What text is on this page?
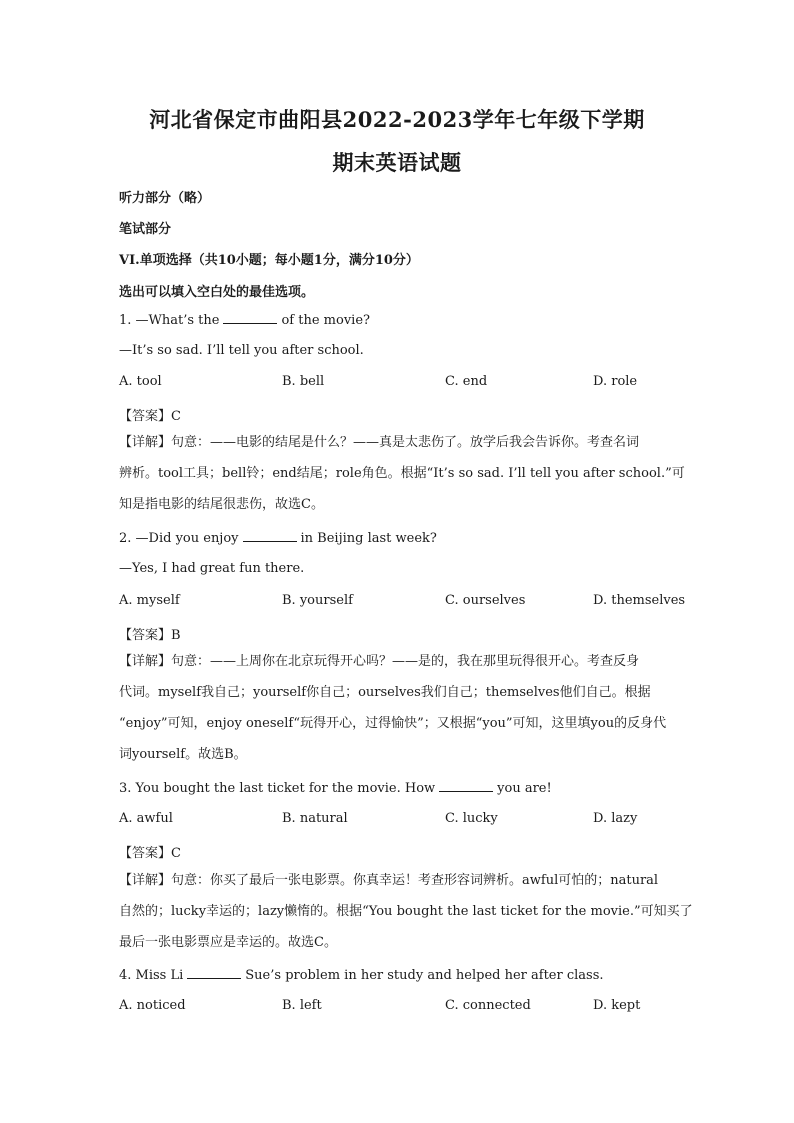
河北省保定市曲阳县2022-2023学年七年级下学期
期末英语试题
听力部分（略）
笔试部分
VI.单项选择（共10小题；每小题1分，满分10分）
选出可以填入空白处的最佳选项。
1. —What’s the	of the movie?
—It’s so sad. I’ll tell you after school.
A. tool	B. bell	C. end	D. role
【答案】C
【详解】句意：——电影的结尾是什么？——真是太悲伤了。放学后我会告诉你。考查名词
辨析。tool工具；bell铃；end结尾；role角色。根据“It’s so sad. I’ll tell you after school.”可
知是指电影的结尾很悲伤，故选C。
2. —Did you enjoy	in Beijing last week?
—Yes, I had great fun there.
A. myself	B. yourself	C. ourselves	D. themselves
【答案】B
【详解】句意：——上周你在北京玩得开心吗？——是的，我在那里玩得很开心。考查反身
代词。myself我自己；yourself你自己；ourselves我们自己；themselves他们自己。根据
“enjoy”可知，enjoy oneself“玩得开心，过得愉快”；又根据“you”可知，这里填you的反身代
词yourself。故选B。
3. You bought the last ticket for the movie. How	you are!
A. awful	B. natural	C. lucky	D. lazy
【答案】C
【详解】句意：你买了最后一张电影票。你真幸运！考查形容词辨析。awful可怕的；natural
自然的；lucky幸运的；lazy懒惰的。根据“You bought the last ticket for the movie.”可知买了
最后一张电影票应是幸运的。故选C。
4. Miss Li	Sue’s problem in her study and helped her after class.
A. noticed	B. left	C. connected	D. kept
